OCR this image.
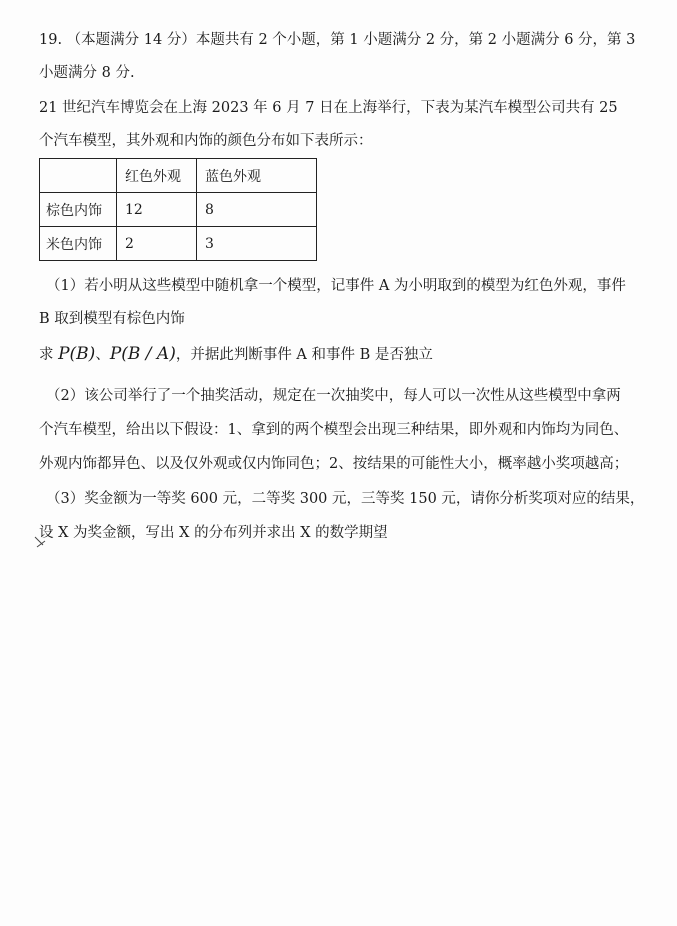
19. （本题满分 14 分）本题共有 2 个小题，第 1 小题满分 2 分，第 2 小题满分 6 分，第 3
小题满分 8 分.
21 世纪汽车博览会在上海 2023 年 6 月 7 日在上海举行，下表为某汽车模型公司共有 25
个汽车模型，其外观和内饰的颜色分布如下表所示：
	红色外观	蓝色外观
棕色内饰	12	8
米色内饰	2	3
（1）若小明从这些模型中随机拿一个模型，记事件 A 为小明取到的模型为红色外观，事件
B 取到模型有棕色内饰
求 P(B)、P(B / A)，并据此判断事件 A 和事件 B 是否独立
（2）该公司举行了一个抽奖活动，规定在一次抽奖中，每人可以一次性从这些模型中拿两
个汽车模型，给出以下假设：1、拿到的两个模型会出现三种结果，即外观和内饰均为同色、
外观内饰都异色、以及仅外观或仅内饰同色；2、按结果的可能性大小，概率越小奖项越高；
（3）奖金额为一等奖 600 元，二等奖 300 元，三等奖 150 元，请你分析奖项对应的结果，
设 X 为奖金额，写出 X 的分布列并求出 X 的数学期望
